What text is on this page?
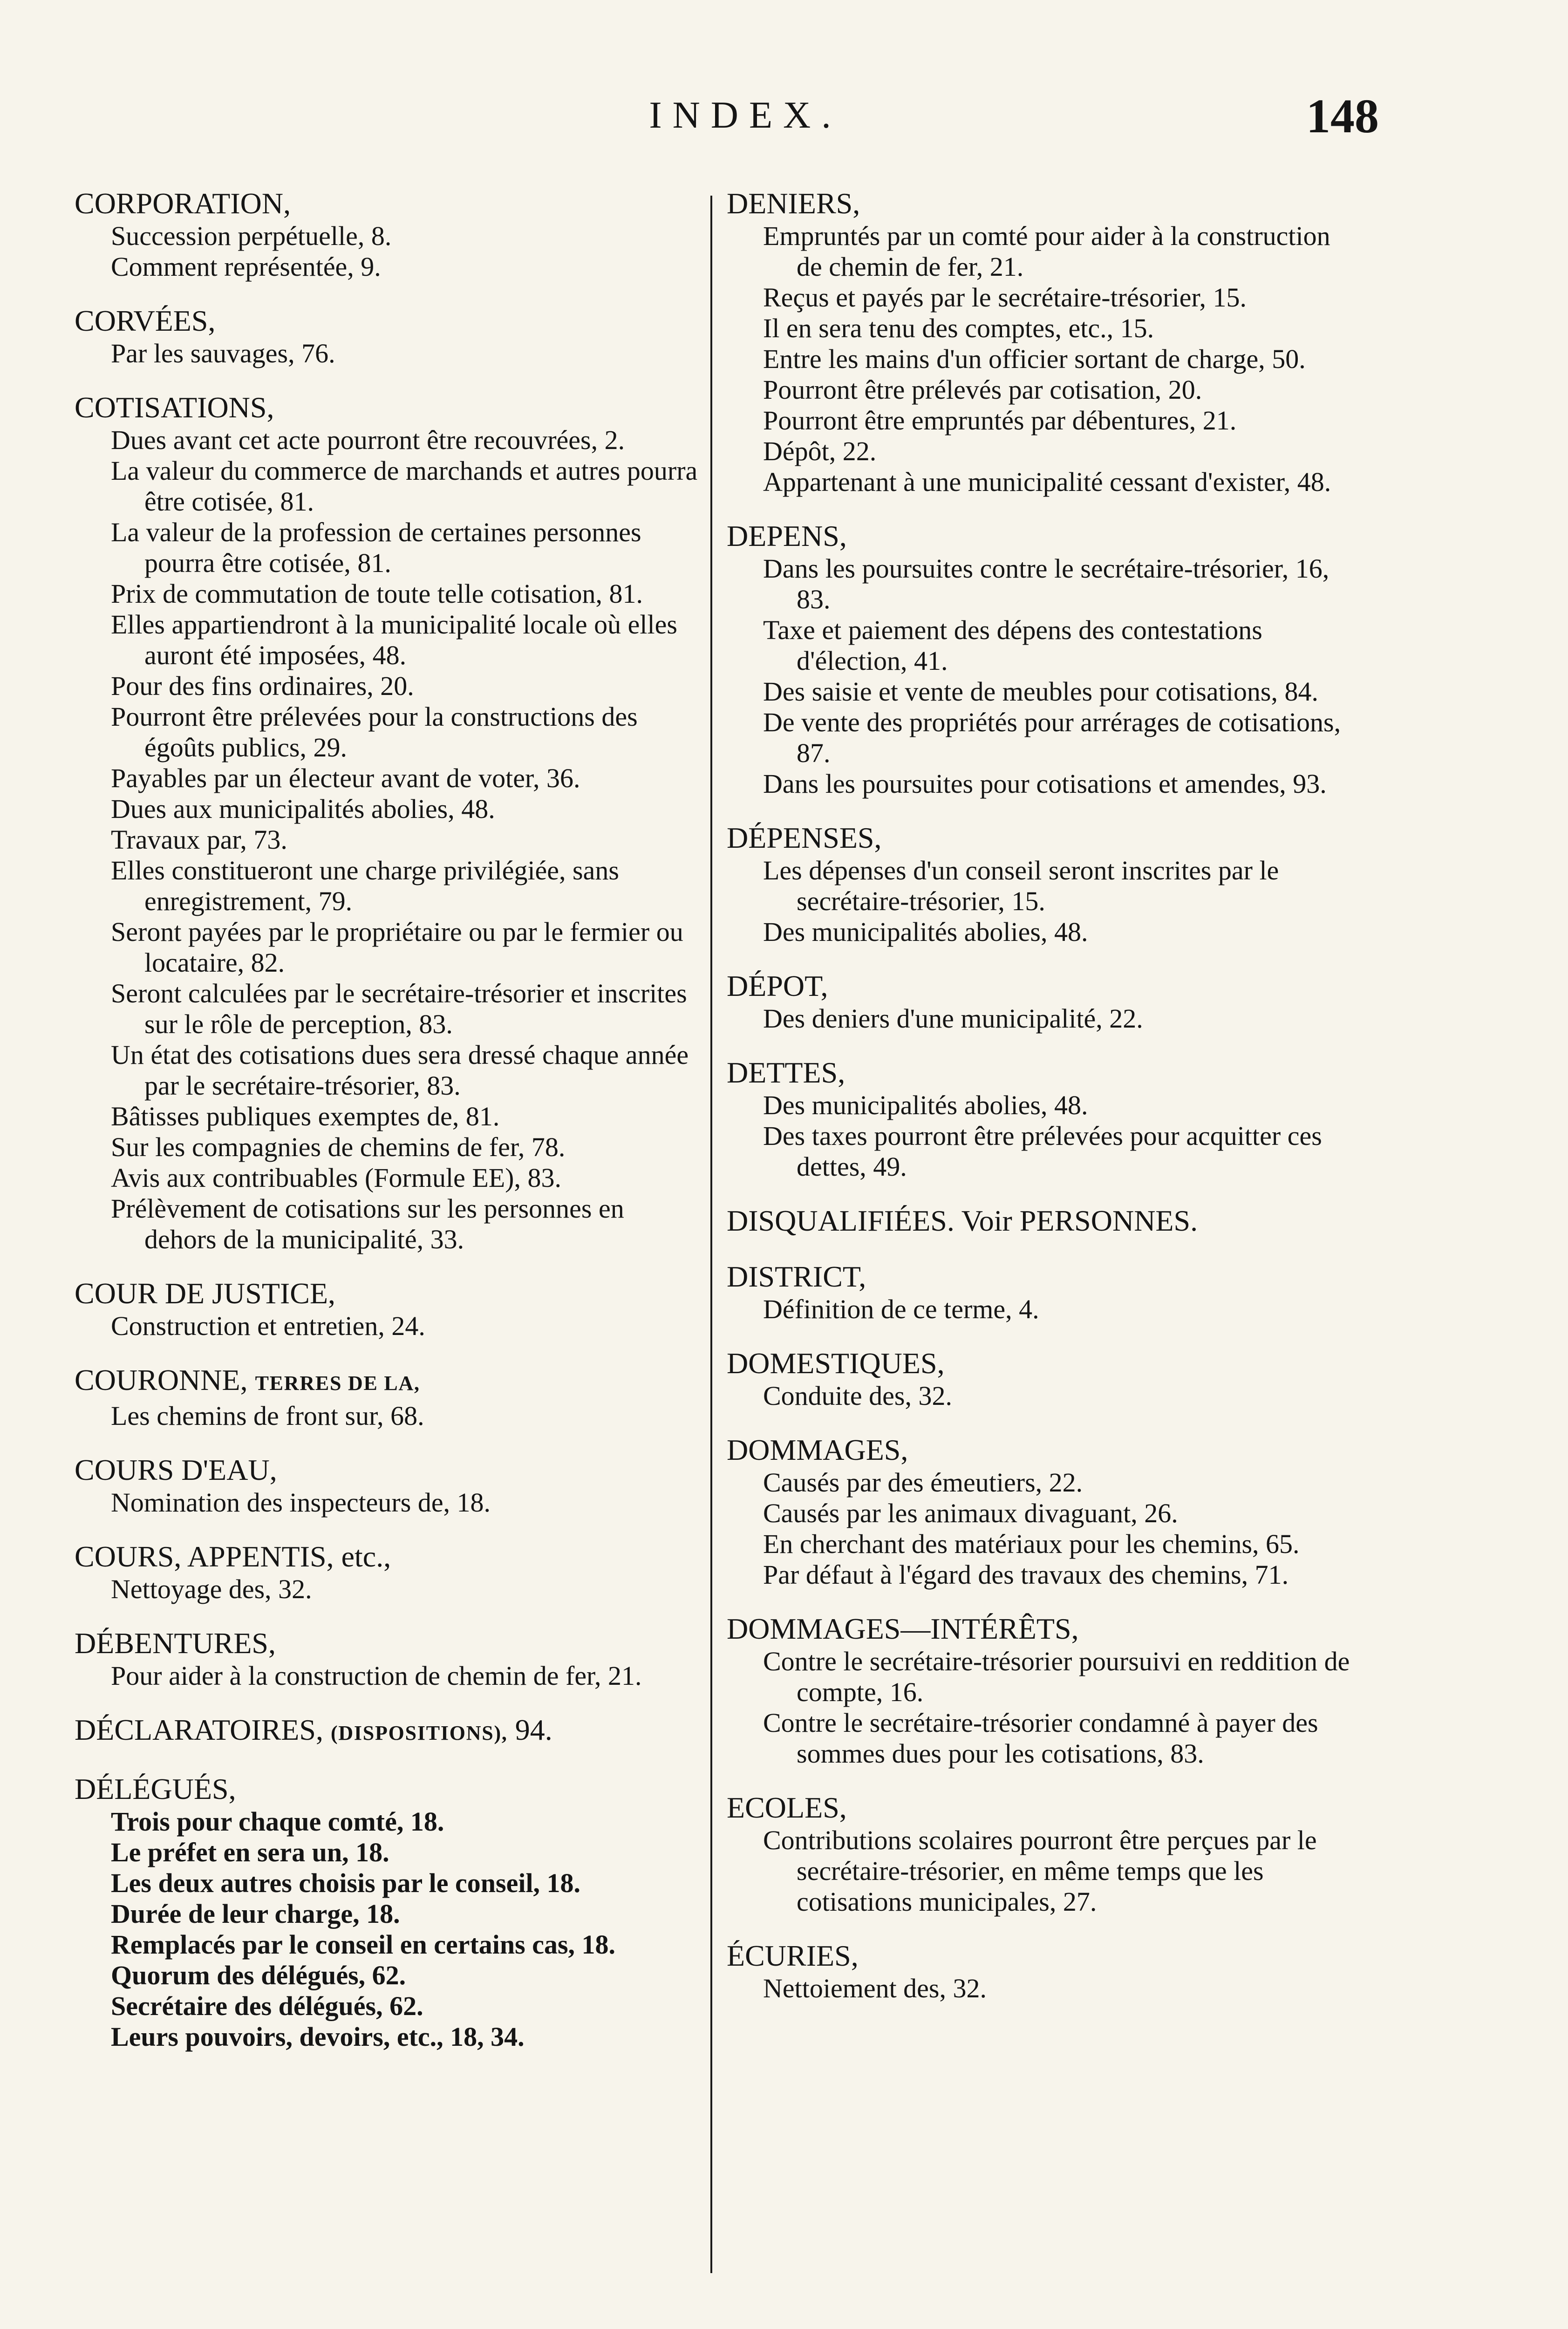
INDEX.	148
CORPORATION,

Succession perpétuelle, 8.

Comment représentée, 9.

CORVÉES,

Par les sauvages, 76.

COTISATIONS,

Dues avant cet acte pourront être recouvrées, 2.

La valeur du commerce de marchands et autres pourra être cotisée, 81.

La valeur de la profession de certaines personnes pourra être cotisée, 81.

Prix de commutation de toute telle cotisation, 81.

Elles appartiendront à la municipalité locale où elles auront été imposées, 48.

Pour des fins ordinaires, 20.

Pourront être prélevées pour la constructions des égoûts publics, 29.

Payables par un électeur avant de voter, 36.

Dues aux municipalités abolies, 48.

Travaux par, 73.

Elles constitueront une charge privilégiée, sans enregistrement, 79.

Seront payées par le propriétaire ou par le fermier ou locataire, 82.

Seront calculées par le secrétaire-trésorier et inscrites sur le rôle de perception, 83.

Un état des cotisations dues sera dressé chaque année par le secrétaire-trésorier, 83.

Bâtisses publiques exemptes de, 81.

Sur les compagnies de chemins de fer, 78.

Avis aux contribuables (Formule EE), 83.

Prélèvement de cotisations sur les personnes en dehors de la municipalité, 33.

COUR DE JUSTICE,

Construction et entretien, 24.

COURONNE, TERRES DE LA,

Les chemins de front sur, 68.

COURS D'EAU,

Nomination des inspecteurs de, 18.

COURS, APPENTIS, etc.,

Nettoyage des, 32.

DÉBENTURES,

Pour aider à la construction de chemin de fer, 21.

DÉCLARATOIRES, (DISPOSITIONS), 94.
DÉLÉGUÉS,

Trois pour chaque comté, 18.

Le préfet en sera un, 18.

Les deux autres choisis par le conseil, 18.

Durée de leur charge, 18.

Remplacés par le conseil en certains cas, 18.

Quorum des délégués, 62.

Secrétaire des délégués, 62.

Leurs pouvoirs, devoirs, etc., 18, 34.

DENIERS,

Empruntés par un comté pour aider à la construction de chemin de fer, 21.

Reçus et payés par le secrétaire-trésorier, 15.

Il en sera tenu des comptes, etc., 15.

Entre les mains d'un officier sortant de charge, 50.

Pourront être prélevés par cotisation, 20.

Pourront être empruntés par débentures, 21.

Dépôt, 22.

Appartenant à une municipalité cessant d'exister, 48.

DEPENS,

Dans les poursuites contre le secrétaire-trésorier, 16, 83.

Taxe et paiement des dépens des contestations d'élection, 41.

Des saisie et vente de meubles pour cotisations, 84.

De vente des propriétés pour arrérages de cotisations, 87.

Dans les poursuites pour cotisations et amendes, 93.

DÉPENSES,

Les dépenses d'un conseil seront inscrites par le secrétaire-trésorier, 15.

Des municipalités abolies, 48.

DÉPOT,

Des deniers d'une municipalité, 22.

DETTES,

Des municipalités abolies, 48.

Des taxes pourront être prélevées pour acquitter ces dettes, 49.

DISQUALIFIÉES. Voir PERSONNES.
DISTRICT,

Définition de ce terme, 4.

DOMESTIQUES,

Conduite des, 32.

DOMMAGES,

Causés par des émeutiers, 22.

Causés par les animaux divaguant, 26.

En cherchant des matériaux pour les chemins, 65.

Par défaut à l'égard des travaux des chemins, 71.

DOMMAGES—INTÉRÊTS,

Contre le secrétaire-trésorier poursuivi en reddition de compte, 16.

Contre le secrétaire-trésorier condamné à payer des sommes dues pour les cotisations, 83.

ECOLES,

Contributions scolaires pourront être perçues par le secrétaire-trésorier, en même temps que les cotisations municipales, 27.

ÉCURIES,

Nettoiement des, 32.
